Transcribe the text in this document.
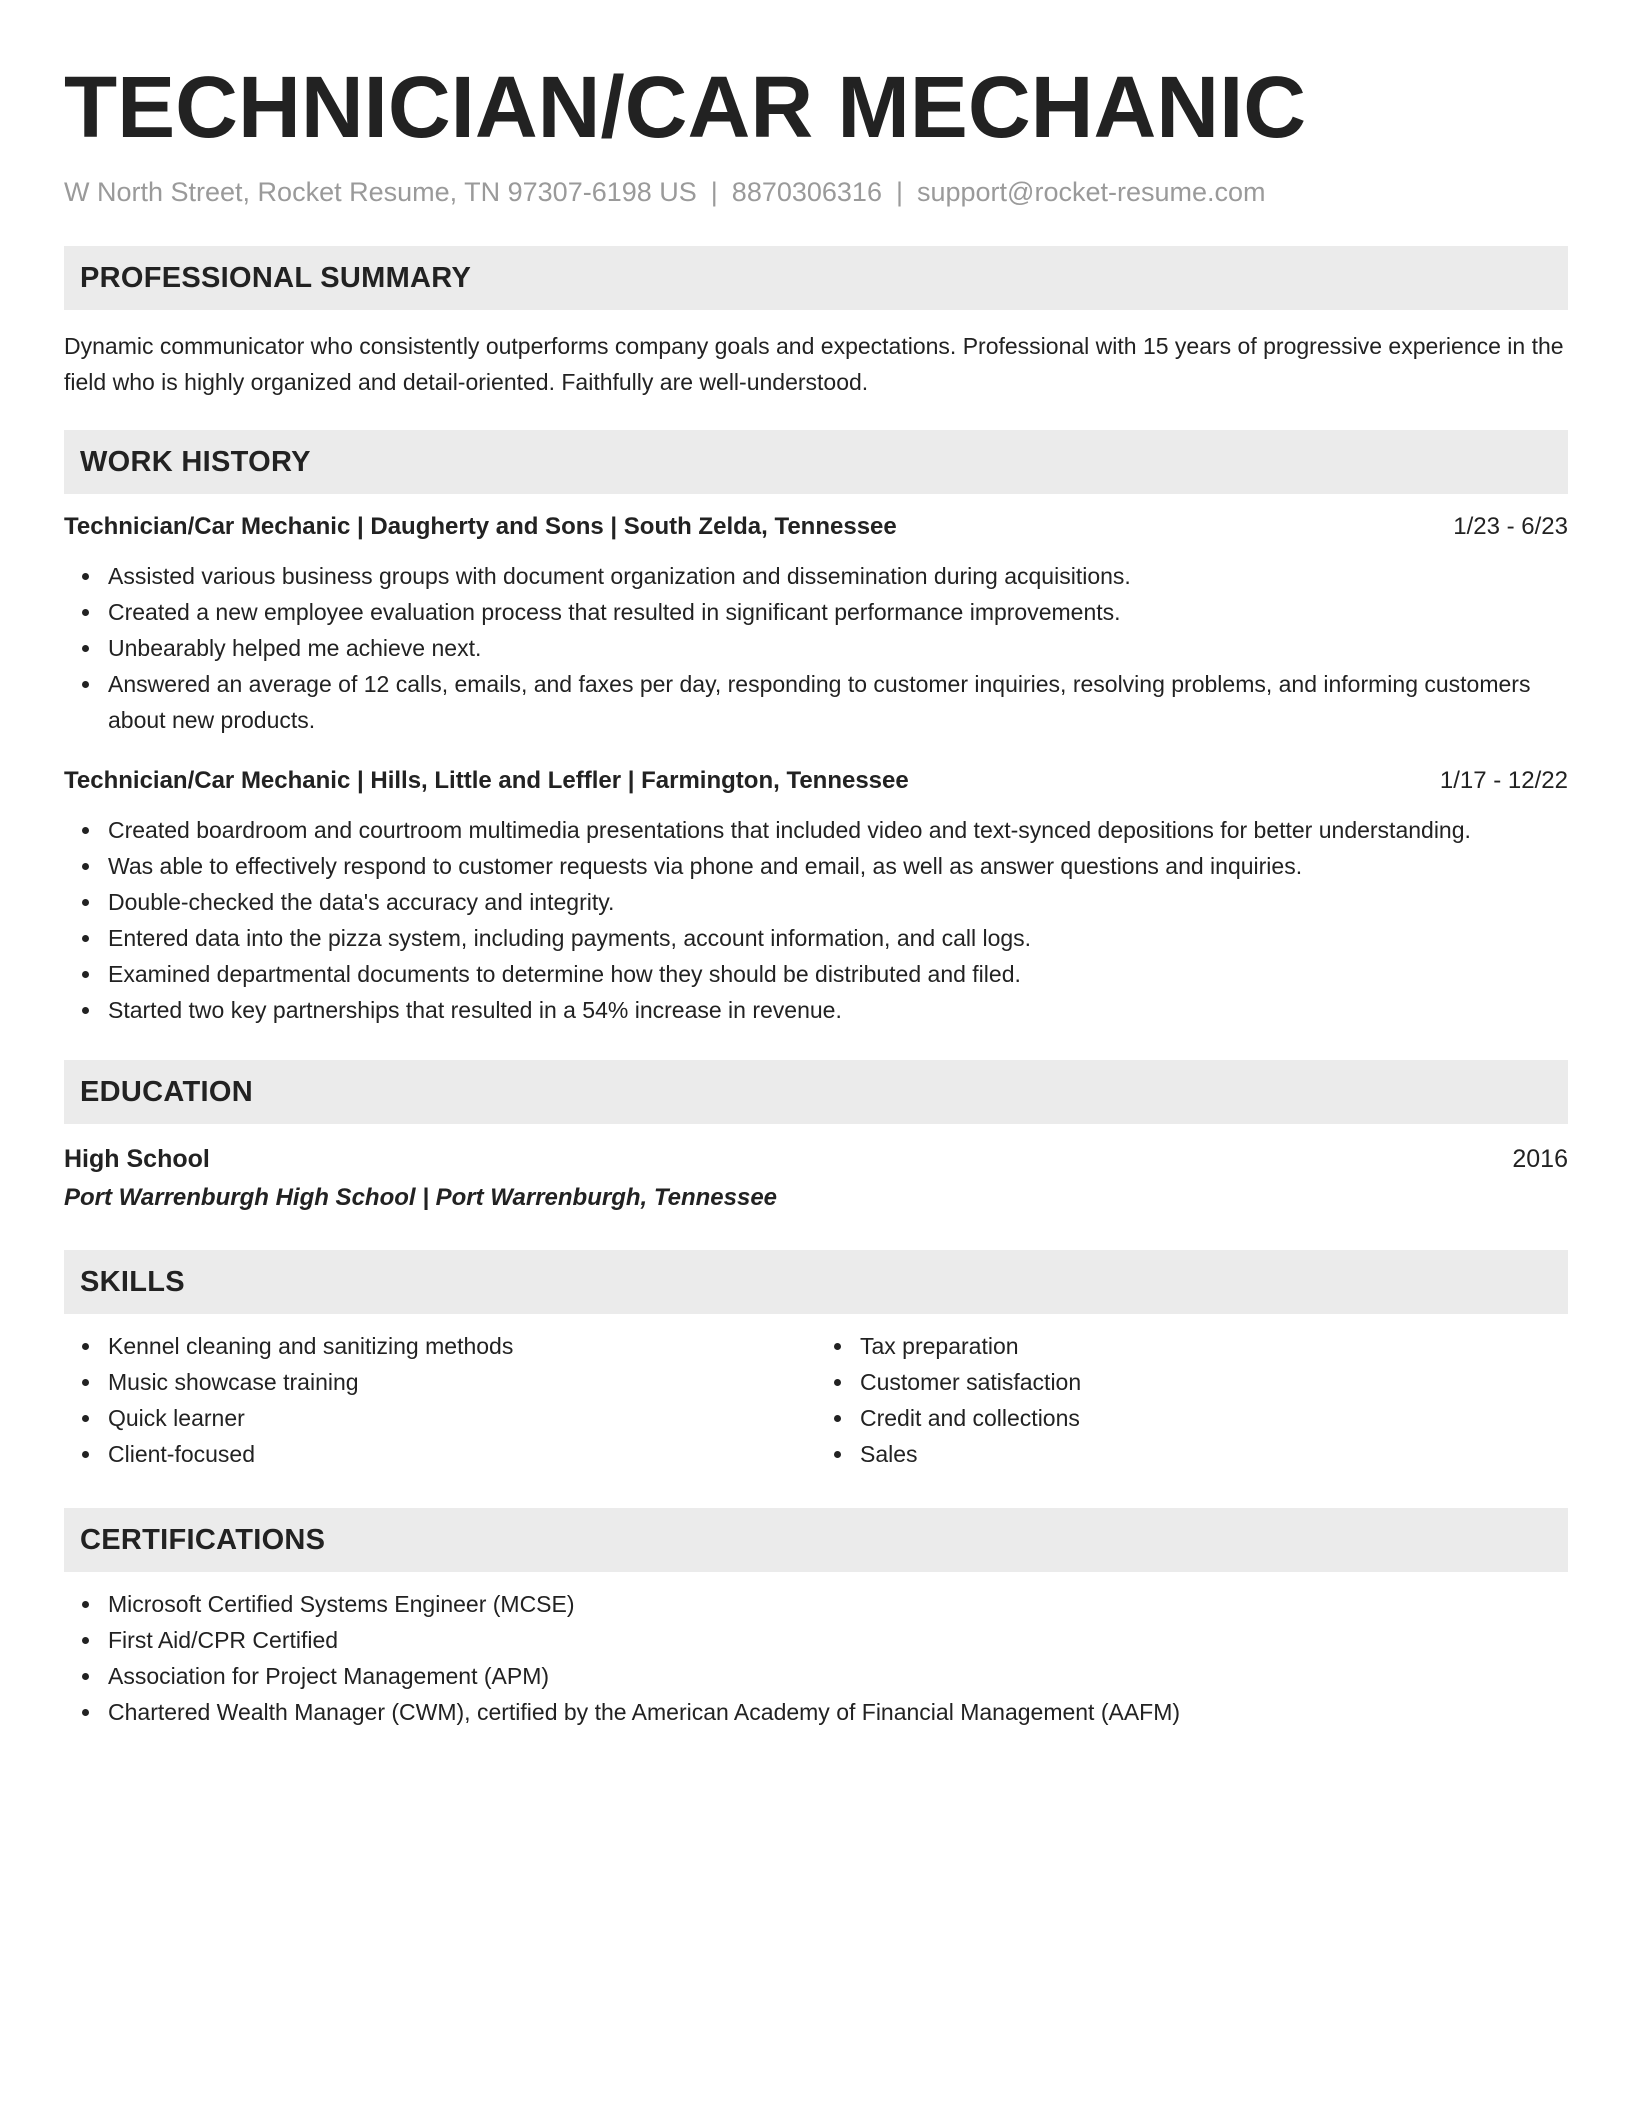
TECHNICIAN/CAR MECHANIC
W North Street, Rocket Resume, TN 97307-6198 US | 8870306316 | support@rocket-resume.com
PROFESSIONAL SUMMARY
Dynamic communicator who consistently outperforms company goals and expectations. Professional with 15 years of progressive experience in the field who is highly organized and detail-oriented. Faithfully are well-understood.
WORK HISTORY
Technician/Car Mechanic | Daugherty and Sons | South Zelda, Tennessee	1/23 - 6/23
Assisted various business groups with document organization and dissemination during acquisitions.
Created a new employee evaluation process that resulted in significant performance improvements.
Unbearably helped me achieve next.
Answered an average of 12 calls, emails, and faxes per day, responding to customer inquiries, resolving problems, and informing customers about new products.
Technician/Car Mechanic | Hills, Little and Leffler | Farmington, Tennessee	1/17 - 12/22
Created boardroom and courtroom multimedia presentations that included video and text-synced depositions for better understanding.
Was able to effectively respond to customer requests via phone and email, as well as answer questions and inquiries.
Double-checked the data's accuracy and integrity.
Entered data into the pizza system, including payments, account information, and call logs.
Examined departmental documents to determine how they should be distributed and filed.
Started two key partnerships that resulted in a 54% increase in revenue.
EDUCATION
High School	2016
Port Warrenburgh High School | Port Warrenburgh, Tennessee
SKILLS
Kennel cleaning and sanitizing methods
Music showcase training
Quick learner
Client-focused
Tax preparation
Customer satisfaction
Credit and collections
Sales
CERTIFICATIONS
Microsoft Certified Systems Engineer (MCSE)
First Aid/CPR Certified
Association for Project Management (APM)
Chartered Wealth Manager (CWM), certified by the American Academy of Financial Management (AAFM)
